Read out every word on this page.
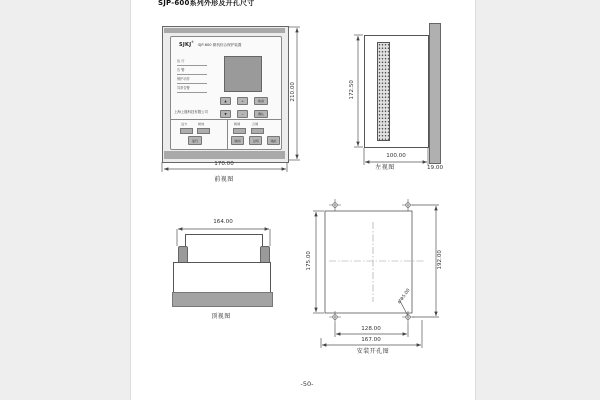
SJP-600系列外形及开孔尺寸
SJKJ ®
SJP-600 微机综合保护装置
运 行
告 警
保护动作
异常告警
▲	+	取消
▼	−	确认
上海上继科技有限公司
远方	就地
复归
跳闸	合闸
跳闸	合闸	储能
170.00
210.00
前视图
172.50
100.00
19.00
左视图
164.00
顶视图
175.00	192.00
128.00
167.00
4-Φ5.00
安装开孔图
-50-
